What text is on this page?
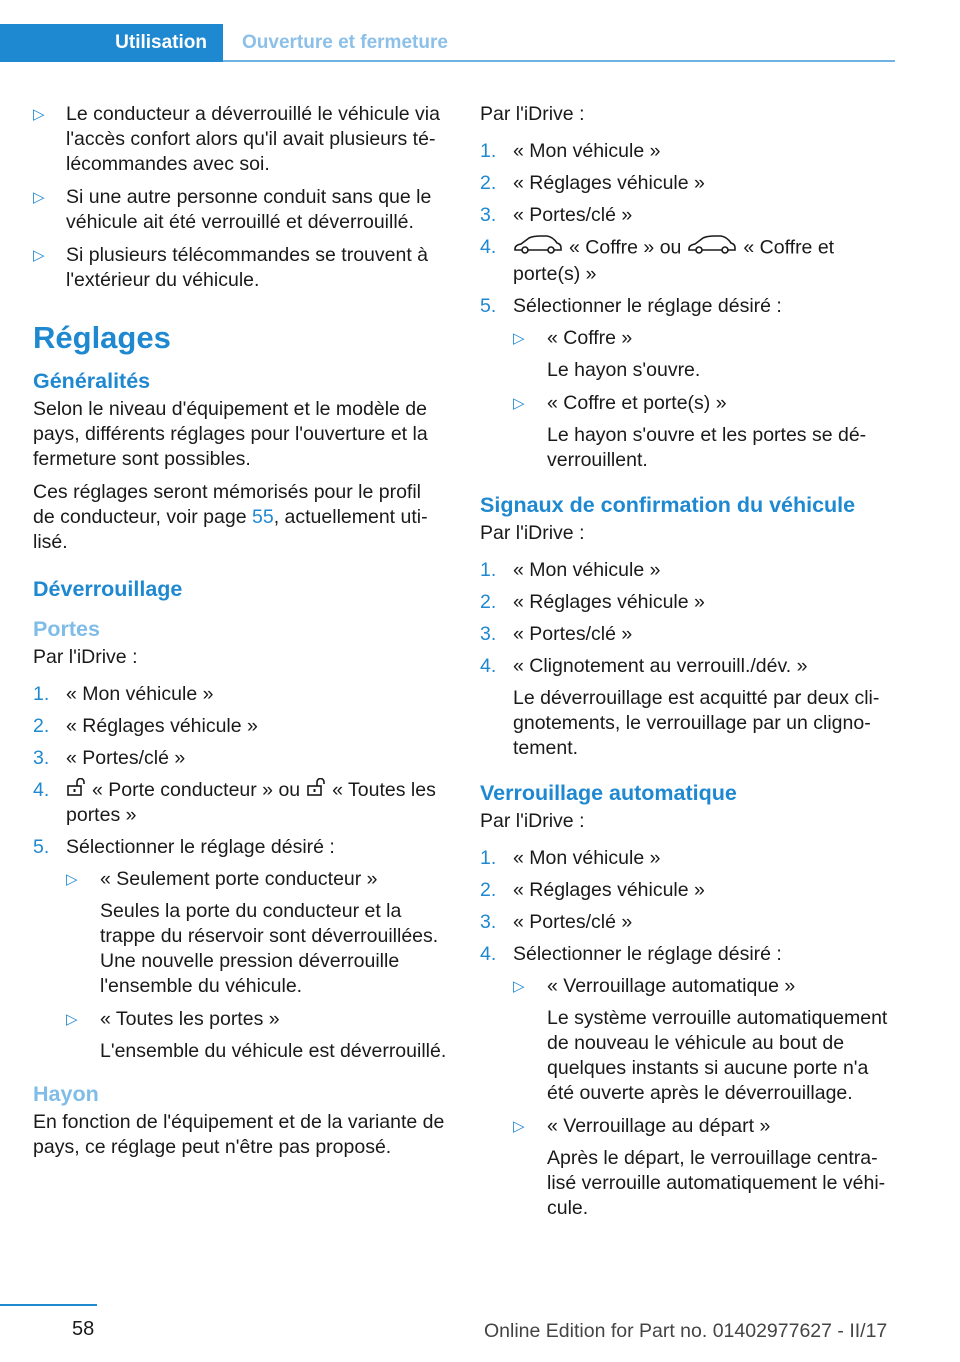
Utilisation Ouverture et fermeture
▷ Le conducteur a déverrouillé le véhicule via l'accès confort alors qu'il avait plusieurs télécommandes avec soi.
▷ Si une autre personne conduit sans que le véhicule ait été verrouillé et déverrouillé.
▷ Si plusieurs télécommandes se trouvent à l'extérieur du véhicule.
Réglages
Généralités

Selon le niveau d'équipement et le modèle de pays, différents réglages pour l'ouverture et la fermeture sont possibles.

Ces réglages seront mémorisés pour le profil de conducteur, voir page 55, actuellement utilisé.

Déverrouillage
Portes

Par l'iDrive :

1. « Mon véhicule »
2. « Réglages véhicule »
3. « Portes/clé »
4. « Porte conducteur » ou « Toutes les portes »
5. Sélectionner le réglage désiré :
▷ « Seulement porte conducteur »
Seules la porte du conducteur et la trappe du réservoir sont déverrouillées. Une nouvelle pression déverrouille l'ensemble du véhicule.
▷ « Toutes les portes »
L'ensemble du véhicule est déverrouillé.
Hayon

En fonction de l'équipement et de la variante de pays, ce réglage peut n'être pas proposé.

Par l'iDrive :

1. « Mon véhicule »
2. « Réglages véhicule »
3. « Portes/clé »
4.	« Coffre » ou	« Coffre et porte(s) »
5. Sélectionner le réglage désiré :
▷ « Coffre »
Le hayon s'ouvre.
▷ « Coffre et porte(s) »
Le hayon s'ouvre et les portes se déverrouillent.
Signaux de confirmation du véhicule

Par l'iDrive :

1. « Mon véhicule »
2. « Réglages véhicule »
3. « Portes/clé »
4. « Clignotement au verrouill./dév. »
Le déverrouillage est acquitté par deux clignotements, le verrouillage par un clignotement.
Verrouillage automatique

Par l'iDrive :

1. « Mon véhicule »
2. « Réglages véhicule »
3. « Portes/clé »
4. Sélectionner le réglage désiré :
▷ « Verrouillage automatique »
Le système verrouille automatiquement de nouveau le véhicule au bout de quelques instants si aucune porte n'a été ouverte après le déverrouillage.
▷ « Verrouillage au départ »
Après le départ, le verrouillage centralisé verrouille automatiquement le véhicule.
58	Online Edition for Part no. 01402977627 - II/17
